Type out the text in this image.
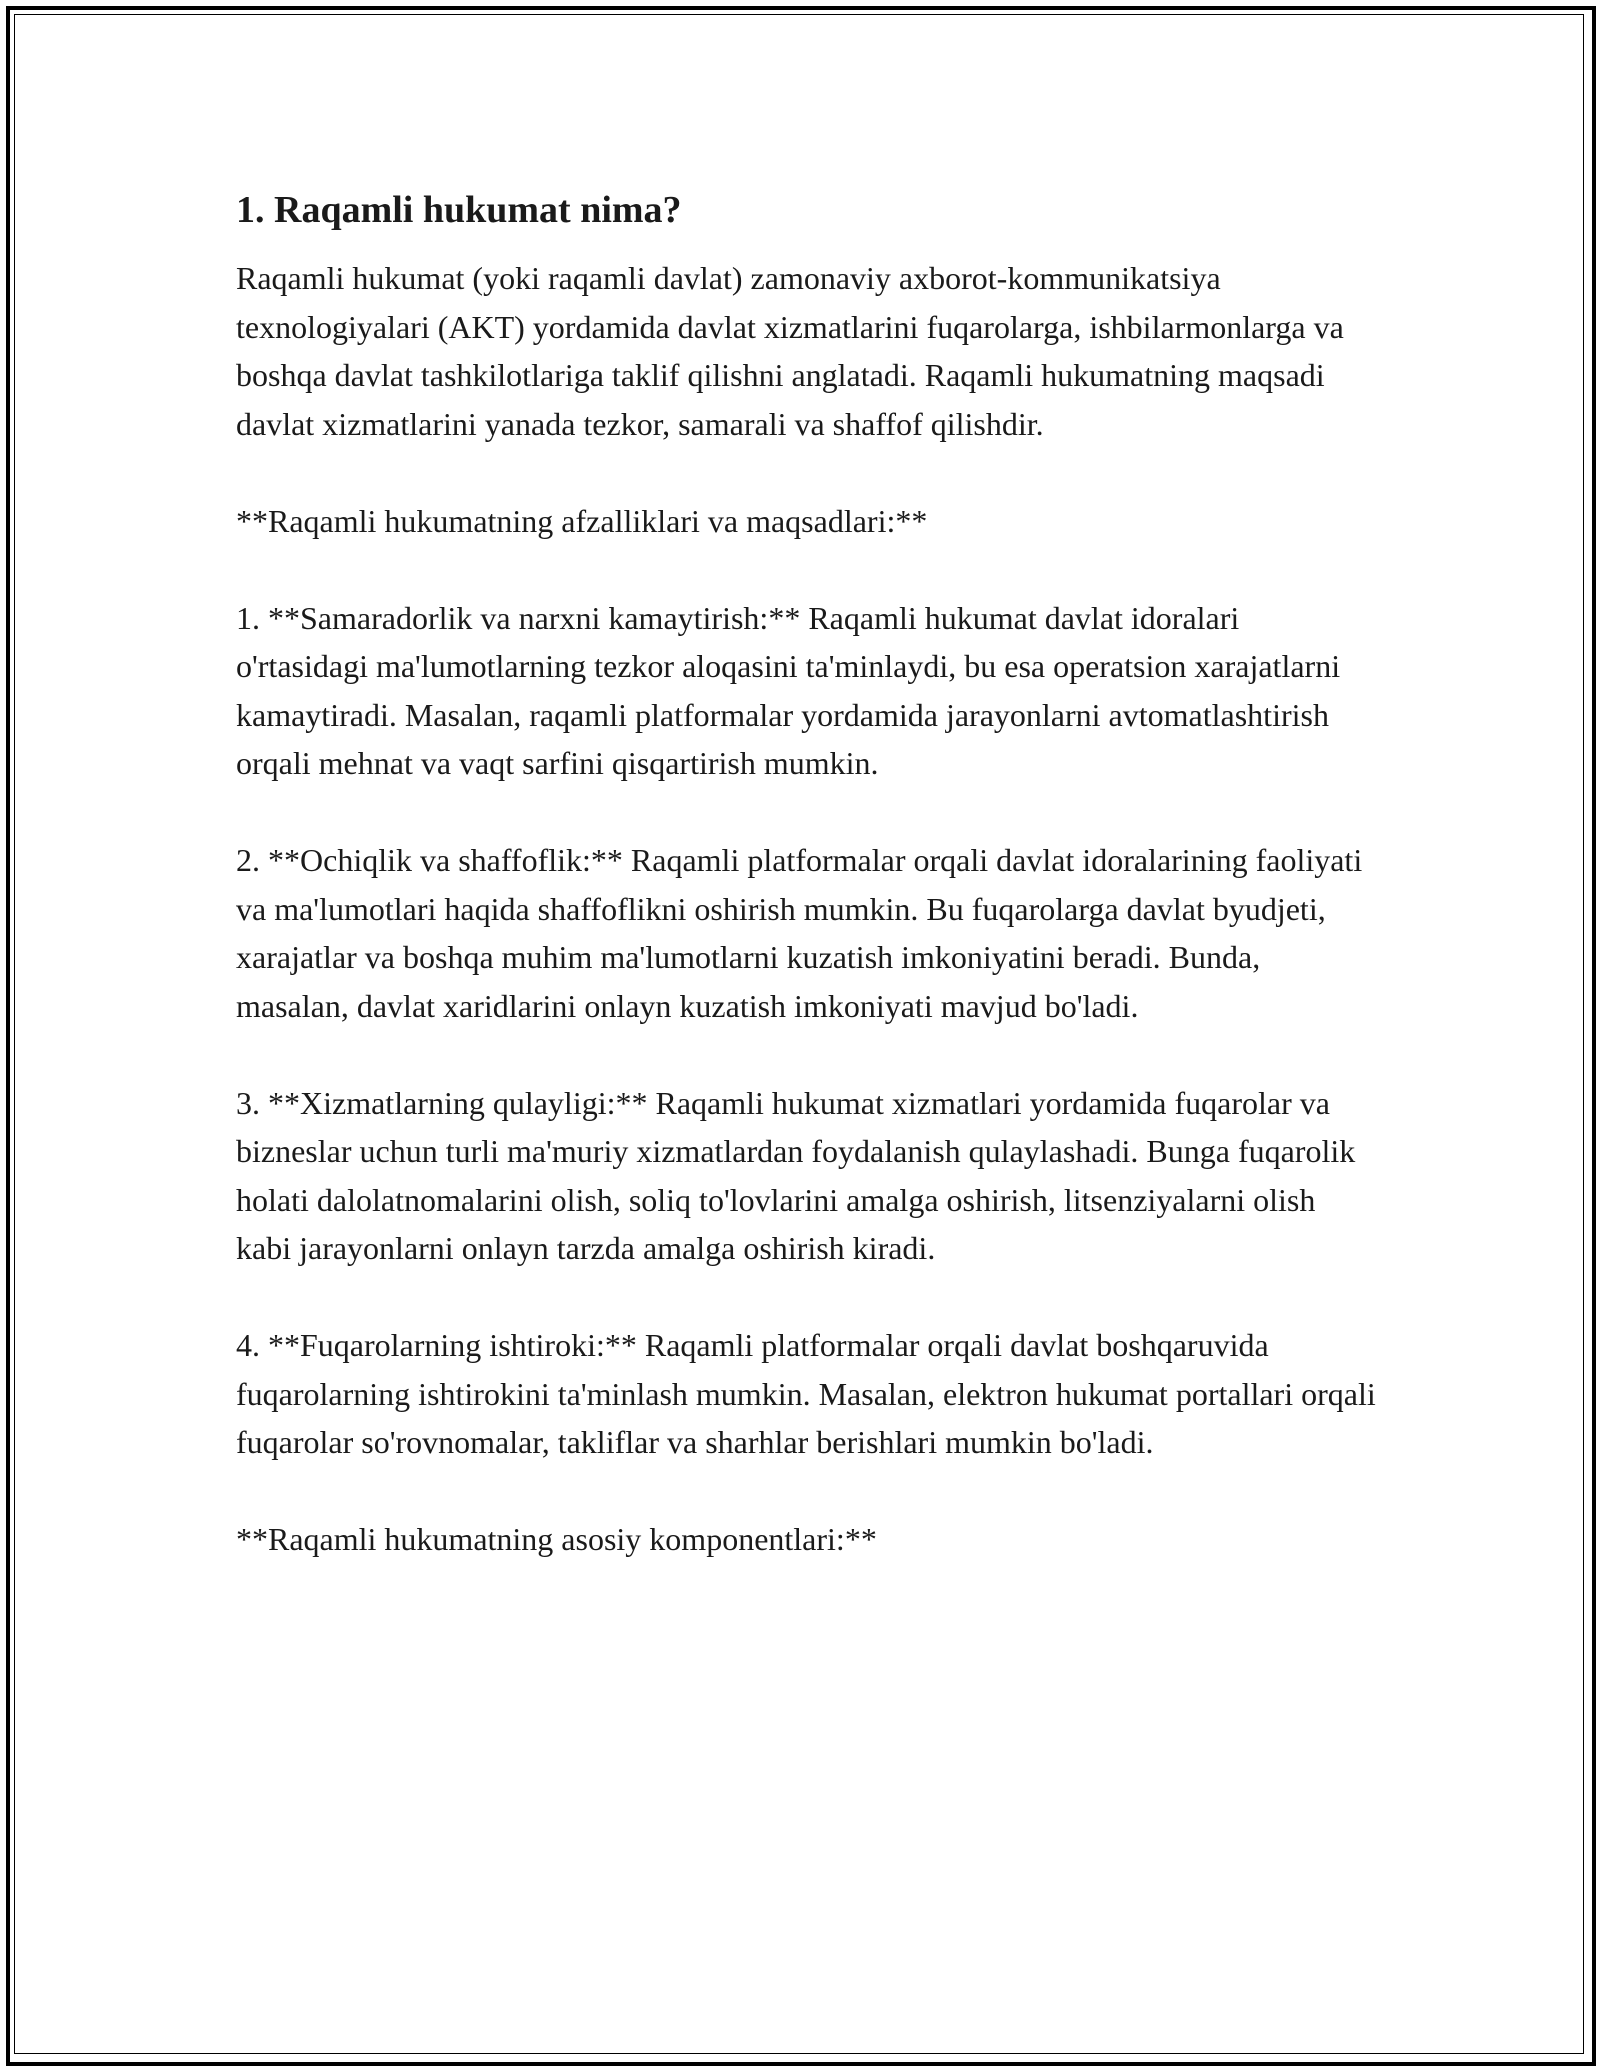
1. Raqamli hukumat nima?

Raqamli hukumat (yoki raqamli davlat) zamonaviy axborot-kommunikatsiya texnologiyalari (AKT) yordamida davlat xizmatlarini fuqarolarga, ishbilarmonlarga va boshqa davlat tashkilotlariga taklif qilishni anglatadi. Raqamli hukumatning maqsadi davlat xizmatlarini yanada tezkor, samarali va shaffof qilishdir.

**Raqamli hukumatning afzalliklari va maqsadlari:**

1. **Samaradorlik va narxni kamaytirish:** Raqamli hukumat davlat idoralari o'rtasidagi ma'lumotlarning tezkor aloqasini ta'minlaydi, bu esa operatsion xarajatlarni kamaytiradi. Masalan, raqamli platformalar yordamida jarayonlarni avtomatlashtirish orqali mehnat va vaqt sarfini qisqartirish mumkin.

2. **Ochiqlik va shaffoflik:** Raqamli platformalar orqali davlat idoralarining faoliyati va ma'lumotlari haqida shaffoflikni oshirish mumkin. Bu fuqarolarga davlat byudjeti, xarajatlar va boshqa muhim ma'lumotlarni kuzatish imkoniyatini beradi. Bunda, masalan, davlat xaridlarini onlayn kuzatish imkoniyati mavjud bo'ladi.

3. **Xizmatlarning qulayligi:** Raqamli hukumat xizmatlari yordamida fuqarolar va bizneslar uchun turli ma'muriy xizmatlardan foydalanish qulaylashadi. Bunga fuqarolik holati dalolatnomalarini olish, soliq to'lovlarini amalga oshirish, litsenziyalarni olish kabi jarayonlarni onlayn tarzda amalga oshirish kiradi.

4. **Fuqarolarning ishtiroki:** Raqamli platformalar orqali davlat boshqaruvida fuqarolarning ishtirokini ta'minlash mumkin. Masalan, elektron hukumat portallari orqali fuqarolar so'rovnomalar, takliflar va sharhlar berishlari mumkin bo'ladi.

**Raqamli hukumatning asosiy komponentlari:**
